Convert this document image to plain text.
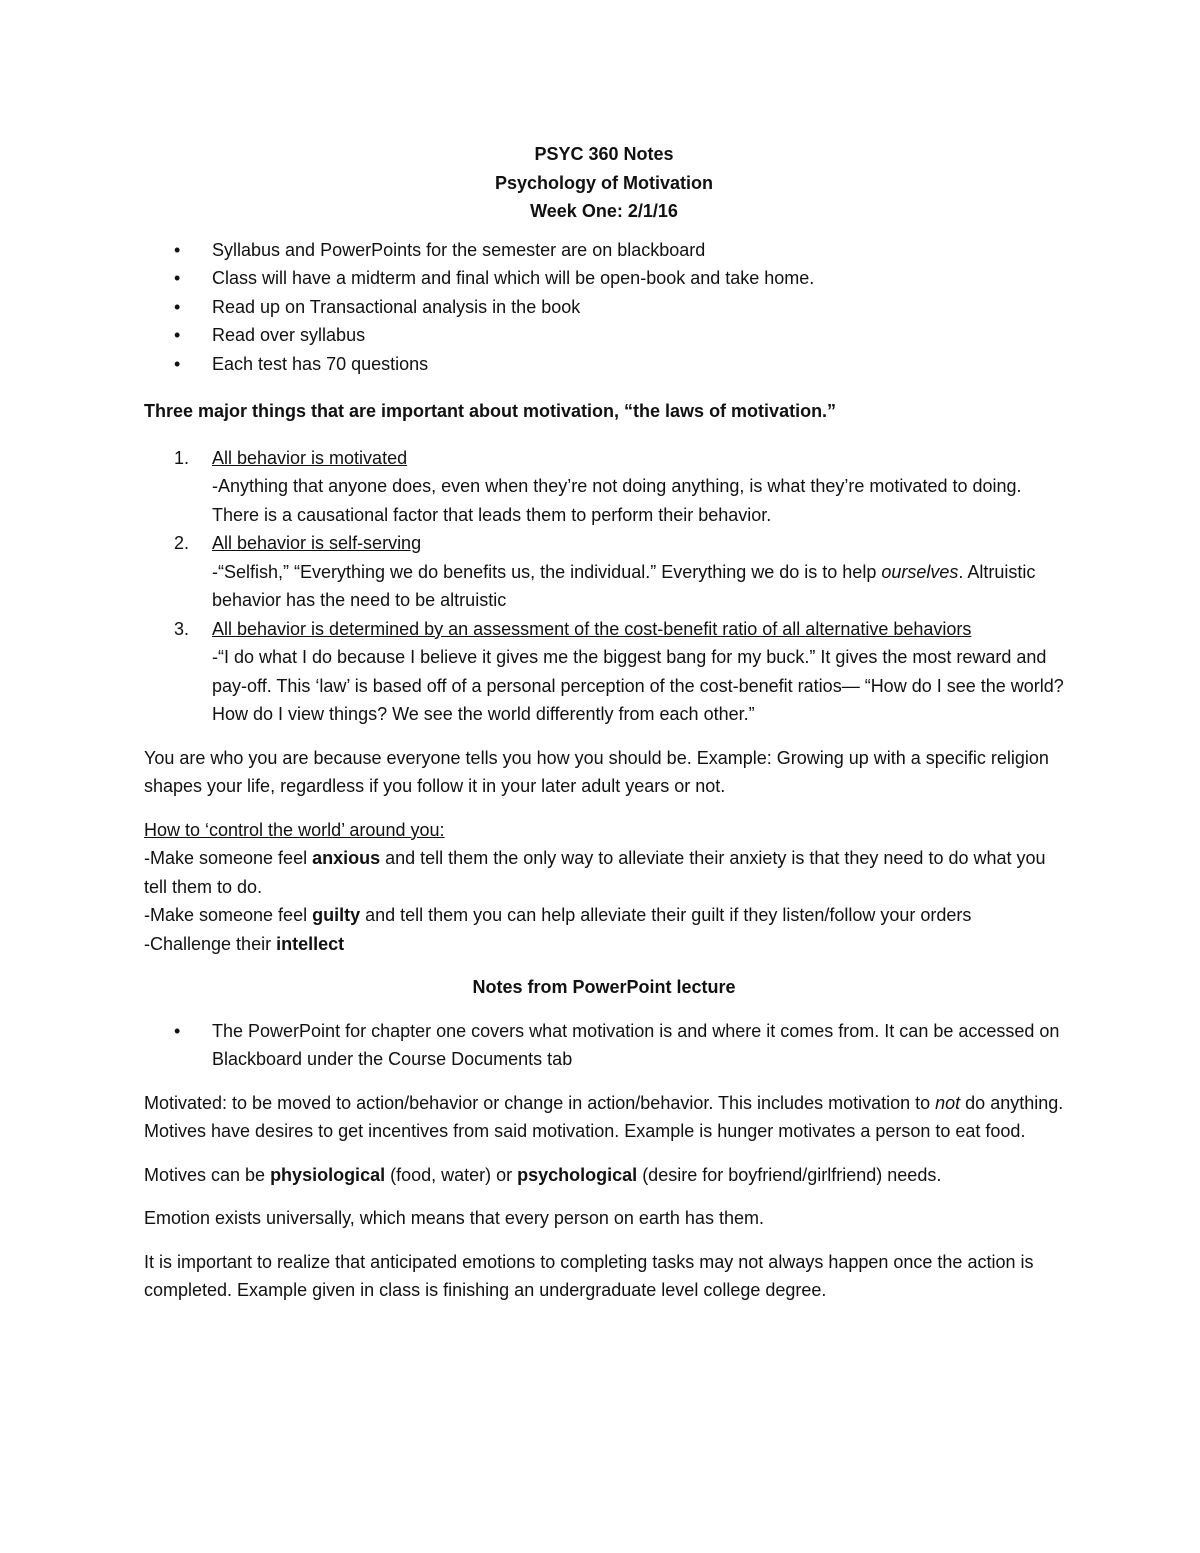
PSYC 360 Notes

Psychology of Motivation

Week One: 2/1/16

• Syllabus and PowerPoints for the semester are on blackboard
• Class will have a midterm and final which will be open-book and take home.
• Read up on Transactional analysis in the book
• Read over syllabus
• Each test has 70 questions

Three major things that are important about motivation, “the laws of motivation.”

1. All behavior is motivated
-Anything that anyone does, even when they’re not doing anything, is what they’re motivated to doing. There is a causational factor that leads them to perform their behavior.
2. All behavior is self-serving
-“Selfish,” “Everything we do benefits us, the individual.” Everything we do is to help ourselves. Altruistic behavior has the need to be altruistic
3. All behavior is determined by an assessment of the cost-benefit ratio of all alternative behaviors
-“I do what I do because I believe it gives me the biggest bang for my buck.” It gives the most reward and pay-off. This ‘law’ is based off of a personal perception of the cost-benefit ratios— “How do I see the world? How do I view things? We see the world differently from each other.”

You are who you are because everyone tells you how you should be. Example: Growing up with a specific religion shapes your life, regardless if you follow it in your later adult years or not.

How to ‘control the world’ around you:

-Make someone feel anxious and tell them the only way to alleviate their anxiety is that they need to do what you tell them to do.

-Make someone feel guilty and tell them you can help alleviate their guilt if they listen/follow your orders

-Challenge their intellect

Notes from PowerPoint lecture

• The PowerPoint for chapter one covers what motivation is and where it comes from. It can be accessed on Blackboard under the Course Documents tab

Motivated: to be moved to action/behavior or change in action/behavior. This includes motivation to not do anything.

Motives have desires to get incentives from said motivation. Example is hunger motivates a person to eat food.

Motives can be physiological (food, water) or psychological (desire for boyfriend/girlfriend) needs.

Emotion exists universally, which means that every person on earth has them.

It is important to realize that anticipated emotions to completing tasks may not always happen once the action is completed. Example given in class is finishing an undergraduate level college degree.
